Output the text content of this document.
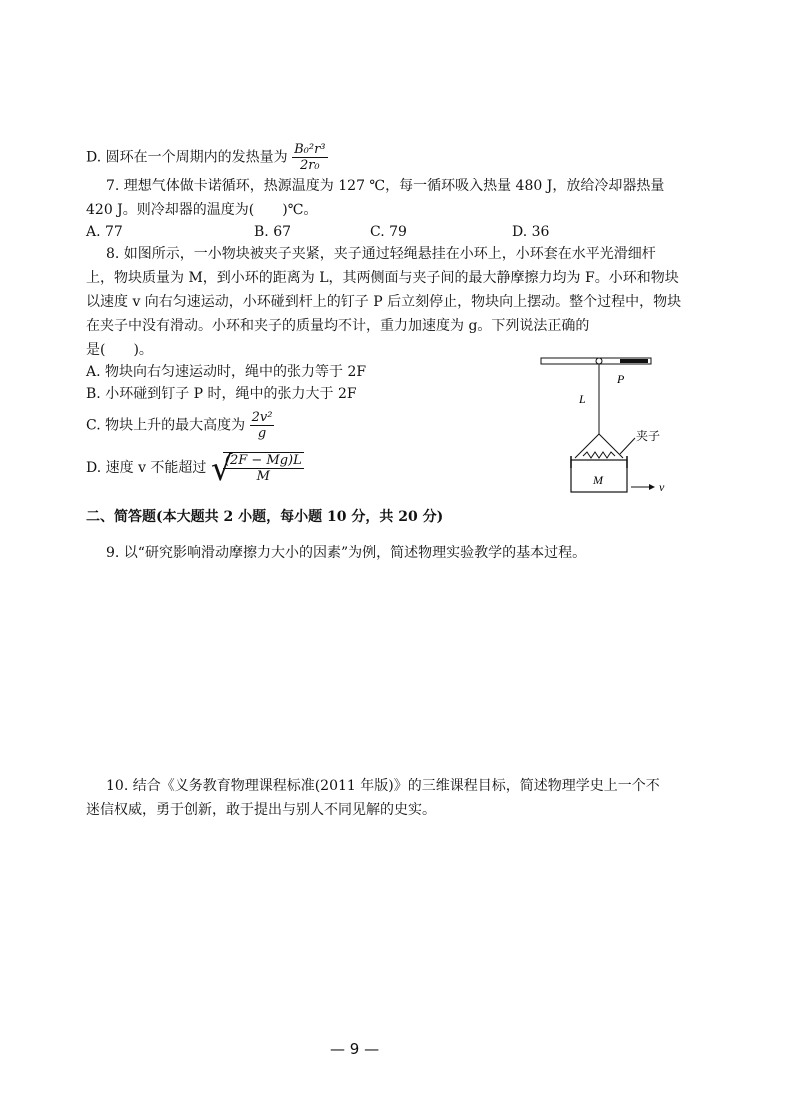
D. 圆环在一个周期内的发热量为 $\frac{\text{B₀²r³}}{\text{2r₀}}$
7. 理想气体做卡诺循环，热源温度为 127 ℃，每一循环吸入热量 480 J，放给冷却器热量
420 J。则冷却器的温度为(　　)℃。
A. 77	B. 67	C. 79	D. 36
8. 如图所示，一小物块被夹子夹紧，夹子通过轻绳悬挂在小环上，小环套在水平光滑细杆
上，物块质量为 M，到小环的距离为 L，其两侧面与夹子间的最大静摩擦力均为 F。小环和物块
以速度 v 向右匀速运动，小环碰到杆上的钉子 P 后立刻停止，物块向上摆动。整个过程中，物块
在夹子中没有滑动。小环和夹子的质量均不计，重力加速度为 g。下列说法正确的
是(　　)。
A. 物块向右匀速运动时，绳中的张力等于 2F
B. 小环碰到钉子 P 时，绳中的张力大于 2F
C. 物块上升的最大高度为 $\frac{\text{2v²}}{g}$
D. 速度 v 不能超过 √
$\frac{(2F - Mg)L}{M}$
P
L
夹子
M	v
二、简答题(本大题共 2 小题，每小题 10 分，共 20 分)
9. 以“研究影响滑动摩擦力大小的因素”为例，简述物理实验教学的基本过程。
10. 结合《义务教育物理课程标准(2011 年版)》的三维课程目标，简述物理学史上一个不
迷信权威，勇于创新，敢于提出与别人不同见解的史实。
— 9 —
